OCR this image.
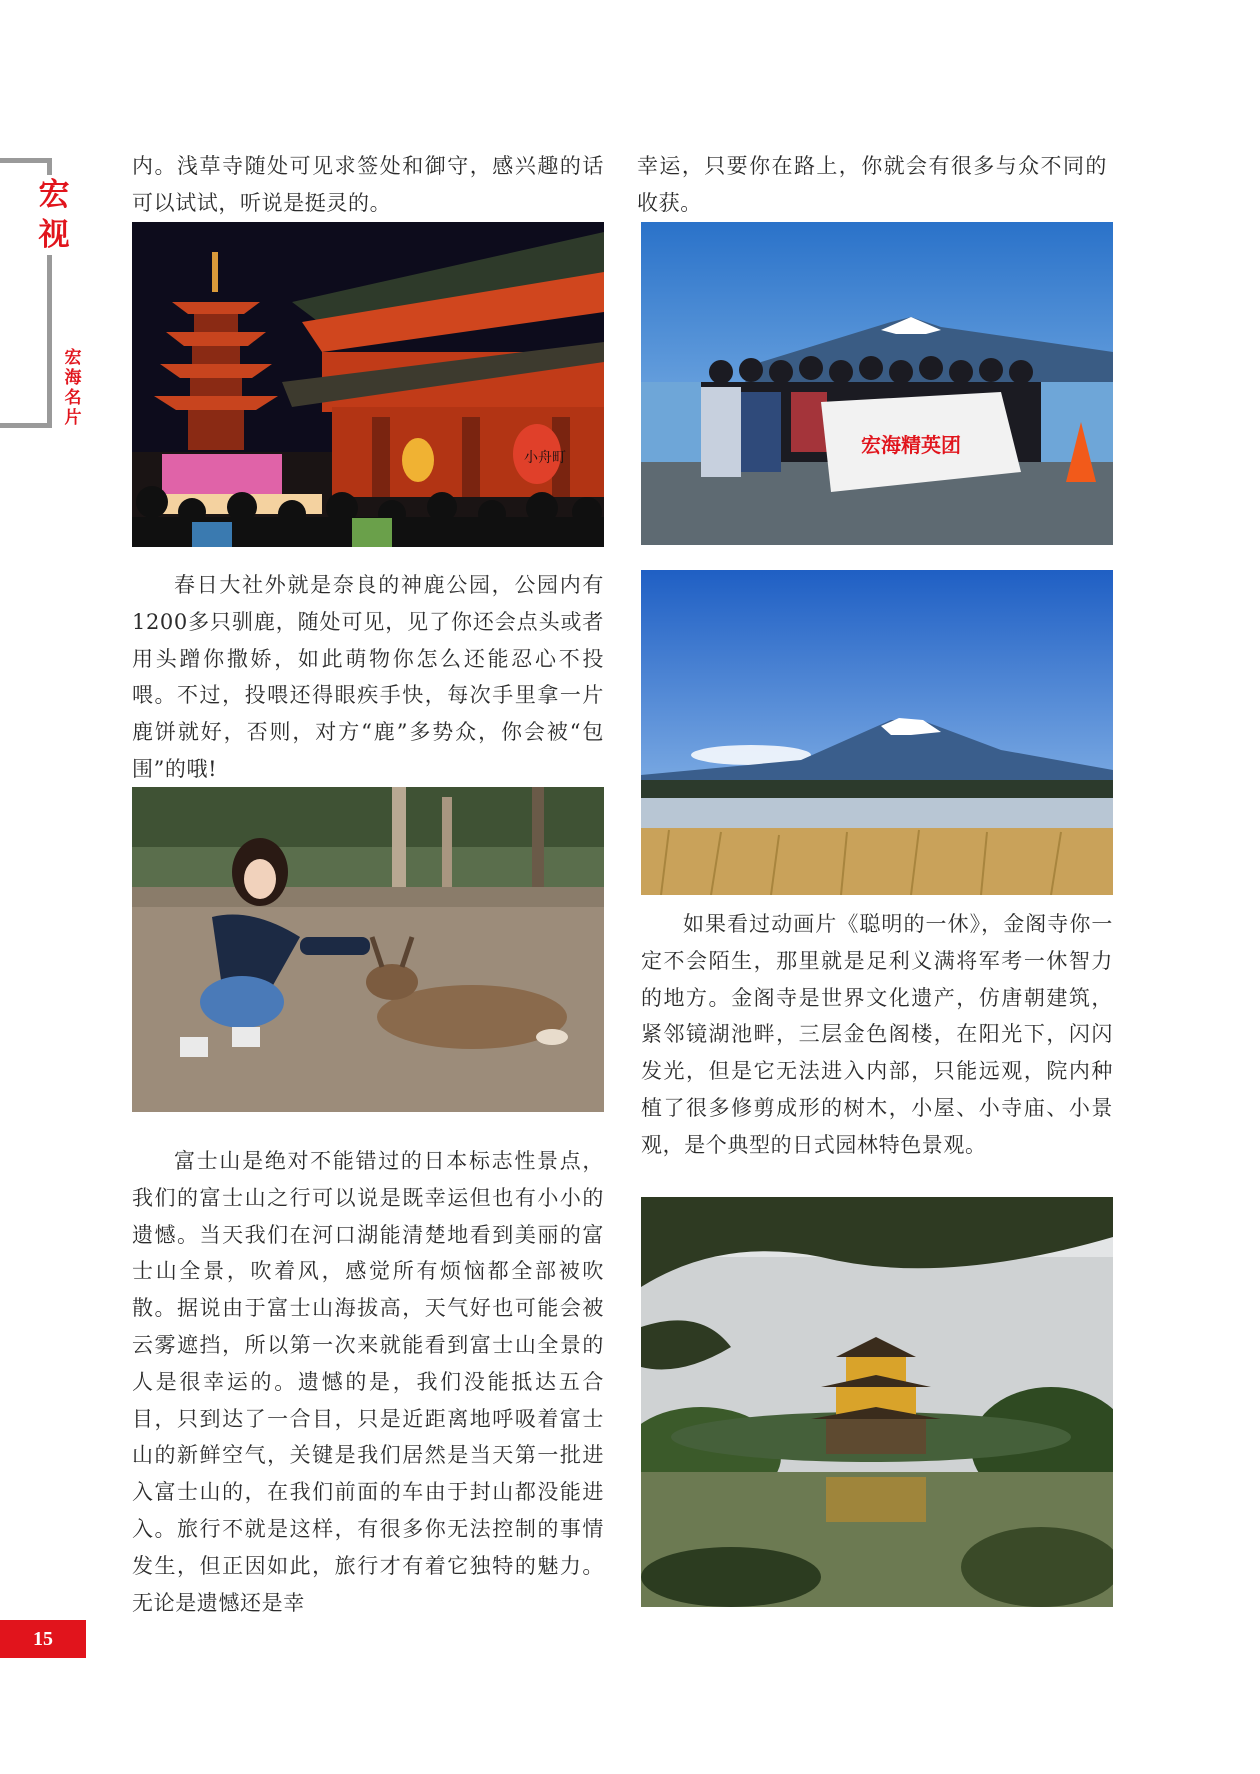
宏
视
宏海名片

内。浅草寺随处可见求签处和御守，感兴趣的话可以试试，听说是挺灵的。

小舟町

春日大社外就是奈良的神鹿公园，公园内有1200多只驯鹿，随处可见，见了你还会点头或者用头蹭你撒娇，如此萌物你怎么还能忍心不投喂。不过，投喂还得眼疾手快，每次手里拿一片鹿饼就好，否则，对方“鹿”多势众，你会被“包围”的哦!

富士山是绝对不能错过的日本标志性景点，我们的富士山之行可以说是既幸运但也有小小的遗憾。当天我们在河口湖能清楚地看到美丽的富士山全景，吹着风，感觉所有烦恼都全部被吹散。据说由于富士山海拔高，天气好也可能会被云雾遮挡，所以第一次来就能看到富士山全景的人是很幸运的。遗憾的是，我们没能抵达五合目，只到达了一合目，只是近距离地呼吸着富士山的新鲜空气，关键是我们居然是当天第一批进入富士山的，在我们前面的车由于封山都没能进入。旅行不就是这样，有很多你无法控制的事情发生，但正因如此，旅行才有着它独特的魅力。无论是遗憾还是幸

幸运，只要你在路上，你就会有很多与众不同的收获。

宏海精英团

如果看过动画片《聪明的一休》，金阁寺你一定不会陌生，那里就是足利义满将军考一休智力的地方。金阁寺是世界文化遗产，仿唐朝建筑，紧邻镜湖池畔，三层金色阁楼，在阳光下，闪闪发光，但是它无法进入内部，只能远观，院内种植了很多修剪成形的树木，小屋、小寺庙、小景观，是个典型的日式园林特色景观。

15
